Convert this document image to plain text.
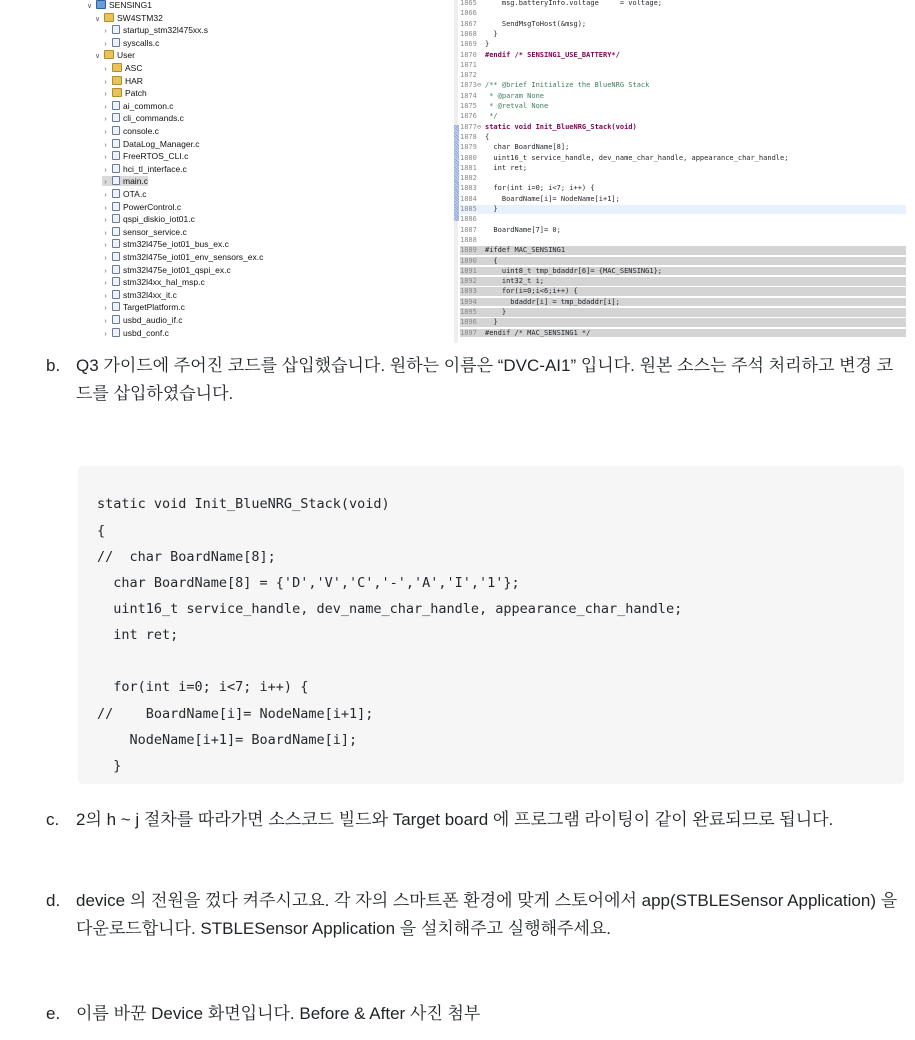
∨ SENSING1
∨ SW4STM32
› startup_stm32l475xx.s
› syscalls.c
∨ User
› ASC
› HAR
› Patch
› ai_common.c
› cli_commands.c
› console.c
› DataLog_Manager.c
› FreeRTOS_CLI.c
› hci_tl_interface.c
› main.c
› OTA.c
› PowerControl.c
› qspi_diskio_iot01.c
› sensor_service.c
› stm32l475e_iot01_bus_ex.c
› stm32l475e_iot01_env_sensors_ex.c
› stm32l475e_iot01_qspi_ex.c
› stm32l4xx_hal_msp.c
› stm32l4xx_it.c
› TargetPlatform.c
› usbd_audio_if.c
› usbd_conf.c
1865    msg.batteryInfo.voltage     = voltage;
1866
1867    SendMsgToHost(&msg);
1868  }
1869 }
1870 #endif /* SENSING1_USE_BATTERY*/
1871
1872
1873⊖ /** @brief Initialize the BlueNRG Stack
1874 * @param None
1875 * @retval None
1876 */
1877⊖ static void Init_BlueNRG_Stack(void)
1878 {
1879  char BoardName[8];
1880  uint16_t service_handle, dev_name_char_handle, appearance_char_handle;
1881  int ret;
1882
1883  for(int i=0; i<7; i++) {
1884    BoardName[i]= NodeName[i+1];
1885  }
1886
1887  BoardName[7]= 0;
1888
1889 #ifdef MAC_SENSING1
1890  {
1891    uint8_t tmp_bdaddr[6]= {MAC_SENSING1};
1892    int32_t i;
1893    for(i=0;i<6;i++) {
1894      bdaddr[i] = tmp_bdaddr[i];
1895    }
1896  }
1897 #endif /* MAC_SENSING1 */
b. Q3 가이드에 주어진 코드를 삽입했습니다. 원하는 이름은 “DVC-AI1” 입니다. 원본 소스는 주석 처리하고 변경 코드를 삽입하였습니다.
static void Init_BlueNRG_Stack(void)
{
//  char BoardName[8];
char BoardName[8] = {'D','V','C','-','A','I','1'};
uint16_t service_handle, dev_name_char_handle, appearance_char_handle;
int ret;
for(int i=0; i<7; i++) {
//    BoardName[i]= NodeName[i+1];
NodeName[i+1]= BoardName[i];
}
c. 2의 h ~ j 절차를 따라가면 소스코드 빌드와 Target board 에 프로그램 라이팅이 같이 완료되므로 됩니다.
d. device 의 전원을 껐다 켜주시고요. 각 자의 스마트폰 환경에 맞게 스토어에서 app(STBLESensor Application) 을 다운로드합니다. STBLESensor Application 을 설치해주고 실행해주세요.
e. 이름 바꾼 Device 화면입니다. Before & After 사진 첨부
